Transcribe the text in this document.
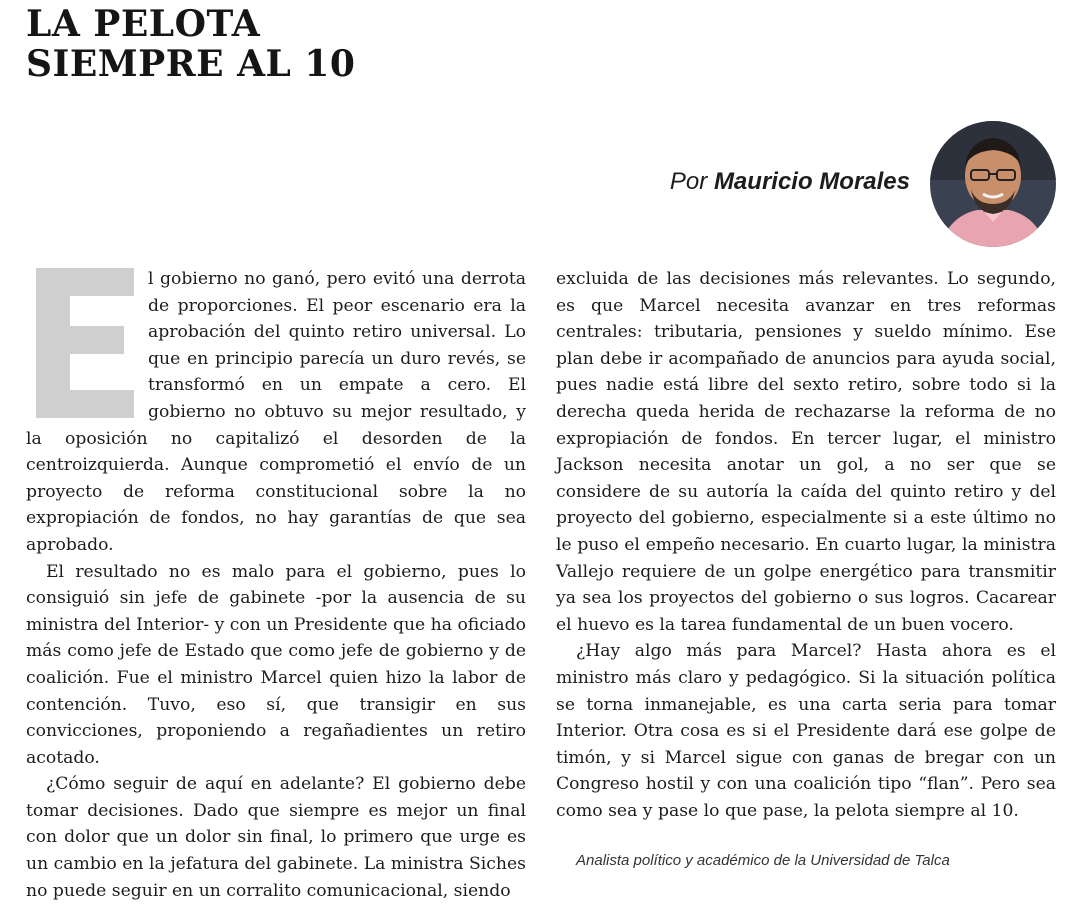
LA PELOTA
SIEMPRE AL 10
Por Mauricio Morales

l gobierno no ganó, pero evitó una derrota de proporciones. El peor escenario era la aprobación del quinto retiro universal. Lo que en principio parecía un duro revés, se transformó en un empate a cero. El gobierno no obtuvo su mejor resultado, y la oposición no capitalizó el desorden de la centroizquierda. Aunque comprometió el envío de un proyecto de reforma constitucional sobre la no expropiación de fondos, no hay garantías de que sea aprobado.

El resultado no es malo para el gobierno, pues lo consiguió sin jefe de gabinete -por la ausencia de su ministra del Interior- y con un Presidente que ha oficiado más como jefe de Estado que como jefe de gobierno y de coalición. Fue el ministro Marcel quien hizo la labor de contención. Tuvo, eso sí, que transigir en sus convicciones, proponiendo a regañadientes un retiro acotado.

¿Cómo seguir de aquí en adelante? El gobierno debe tomar decisiones. Dado que siempre es mejor un final con dolor que un dolor sin final, lo primero que urge es un cambio en la jefatura del gabinete. La ministra Siches no puede seguir en un corralito comunicacional, siendo

excluida de las decisiones más relevantes. Lo segundo, es que Marcel necesita avanzar en tres reformas centrales: tributaria, pensiones y sueldo mínimo. Ese plan debe ir acompañado de anuncios para ayuda social, pues nadie está libre del sexto retiro, sobre todo si la derecha queda herida de rechazarse la reforma de no expropiación de fondos. En tercer lugar, el ministro Jackson necesita anotar un gol, a no ser que se considere de su autoría la caída del quinto retiro y del proyecto del gobierno, especialmente si a este último no le puso el empeño necesario. En cuarto lugar, la ministra Vallejo requiere de un golpe energético para transmitir ya sea los proyectos del gobierno o sus logros. Cacarear el huevo es la tarea fundamental de un buen vocero.

¿Hay algo más para Marcel? Hasta ahora es el ministro más claro y pedagógico. Si la situación política se torna inmanejable, es una carta seria para tomar Interior. Otra cosa es si el Presidente dará ese golpe de timón, y si Marcel sigue con ganas de bregar con un Congreso hostil y con una coalición tipo “flan”. Pero sea como sea y pase lo que pase, la pelota siempre al 10.

Analista político y académico de la Universidad de Talca
